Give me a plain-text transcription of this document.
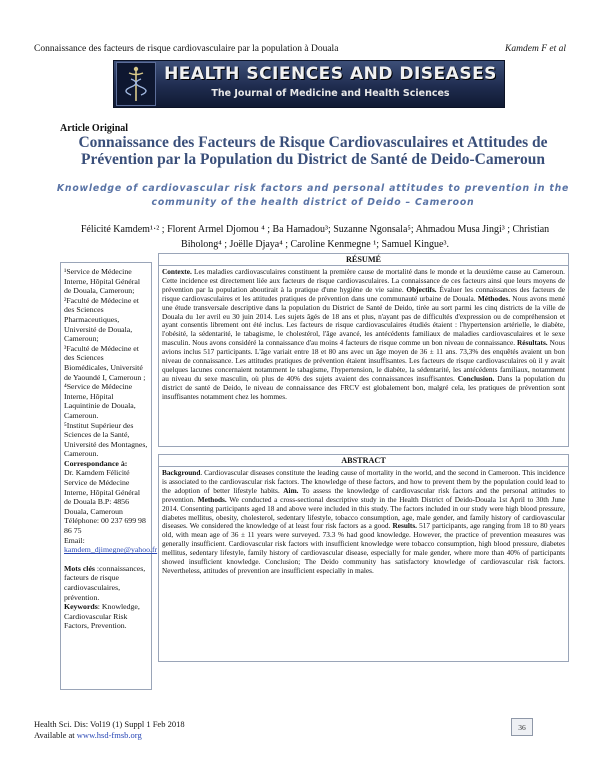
Connaissance des facteurs de risque cardiovasculaire par la population à Douala	Kamdem F et al
HEALTH SCIENCES AND DISEASES
The Journal of Medicine and Health Sciences
Article Original
Connaissance des Facteurs de Risque Cardiovasculaires et Attitudes de Prévention par la Population du District de Santé de Deido-Cameroun
Knowledge of cardiovascular risk factors and personal attitudes to prevention in the community of the health district of Deido – Cameroon
Félicité Kamdem¹·² ; Florent Armel Djomou ⁴ ; Ba Hamadou³; Suzanne Ngonsala⁵; Ahmadou Musa Jingi³ ; Christian Biholong⁴ ; Joëlle Djaya⁴ ; Caroline Kenmegne ¹; Samuel Kingue³.

¹Service de Médecine Interne, Hôpital Général de Douala, Cameroun;

²Faculté de Médecine et des Sciences Pharmaceutiques, Université de Douala, Cameroun;

³Faculté de Médecine et des Sciences Biomédicales, Université de Yaoundé I, Cameroun ;

⁴Service de Médecine Interne, Hôpital Laquintinie de Douala, Cameroun.

⁵Institut Supérieur des Sciences de la Santé, Université des Montagnes, Cameroun.

Correspondance à:

Dr. Kamdem Félicité Service de Médecine Interne, Hôpital Général de Douala B.P: 4856 Douala, Cameroun Téléphone: 00 237 699 98 86 75

Email:

kamdem_djimegne@yahoo.fr

Mots clés :connaissances, facteurs de risque cardiovasculaires, prévention.

Keywords: Knowledge, Cardiovascular Risk Factors, Prevention.

RÉSUMÉ
Contexte. Les maladies cardiovasculaires constituent la première cause de mortalité dans le monde et la deuxième cause au Cameroun. Cette incidence est directement liée aux facteurs de risque cardiovasculaires. La connaissance de ces facteurs ainsi que leurs moyens de prévention par la population aboutirait à la pratique d'une hygiène de vie saine. Objectifs. Évaluer les connaissances des facteurs de risque cardiovasculaires et les attitudes pratiques de prévention dans une communauté urbaine de Douala. Méthodes. Nous avons mené une étude transversale descriptive dans la population du District de Santé de Deido, tirée au sort parmi les cinq districts de la ville de Douala du 1er avril eu 30 juin 2014. Les sujets âgés de 18 ans et plus, n'ayant pas de difficultés d'expression ou de compréhension et ayant consentis librement ont été inclus. Les facteurs de risque cardiovasculaires étudiés étaient : l'hypertension artérielle, le diabète, l'obésité, la sédentarité, le tabagisme, le cholestérol, l'âge avancé, les antécédents familiaux de maladies cardiovasculaires et le sexe masculin. Nous avons considéré la connaissance d'au moins 4 facteurs de risque comme un bon niveau de connaissance. Résultats. Nous avions inclus 517 participants. L'âge variait entre 18 et 80 ans avec un âge moyen de 36 ± 11 ans. 73,3% des enquêtés avaient un bon niveau de connaissance. Les attitudes pratiques de prévention étaient insuffisantes. Les facteurs de risque cardiovasculaires où il y avait quelques lacunes concernaient notamment le tabagisme, l'hypertension, le diabète, la sédentarité, les antécédents familiaux, notamment au niveau du sexe masculin, où plus de 40% des sujets avaient des connaissances insuffisantes. Conclusion. Dans la population du district de santé de Deido, le niveau de connaissance des FRCV est globalement bon, malgré cela, les pratiques de prévention sont insuffisantes notamment chez les hommes.
ABSTRACT
Background. Cardiovascular diseases constitute the leading cause of mortality in the world, and the second in Cameroon. This incidence is associated to the cardiovascular risk factors. The knowledge of these factors, and how to prevent them by the population could lead to the adoption of better lifestyle habits. Aim. To assess the knowledge of cardiovascular risk factors and the personal attitudes to prevention. Methods. We conducted a cross-sectional descriptive study in the Health District of Deido-Douala 1st April to 30th June 2014. Consenting participants aged 18 and above were included in this study. The factors included in our study were high blood pressure, diabetes mellitus, obesity, cholesterol, sedentary lifestyle, tobacco consumption, age, male gender, and family history of cardiovascular diseases. We considered the knowledge of at least four risk factors as a good. Results. 517 participants, age ranging from 18 to 80 years old, with mean age of 36 ± 11 years were surveyed. 73.3 % had good knowledge. However, the practice of prevention measures was generally insufficient. Cardiovascular risk factors with insufficient knowledge were tobacco consumption, high blood pressure, diabetes mellitus, sedentary lifestyle, family history of cardiovascular disease, especially for male gender, where more than 40% of participants showed insufficient knowledge. Conclusion; The Deido community has satisfactory knowledge of cardiovascular risk factors. Nevertheless, attitudes of prevention are insufficient especially in males.
Health Sci. Dis: Vol19 (1) Suppl 1 Feb 2018
Available at www.hsd-fmsb.org
36
